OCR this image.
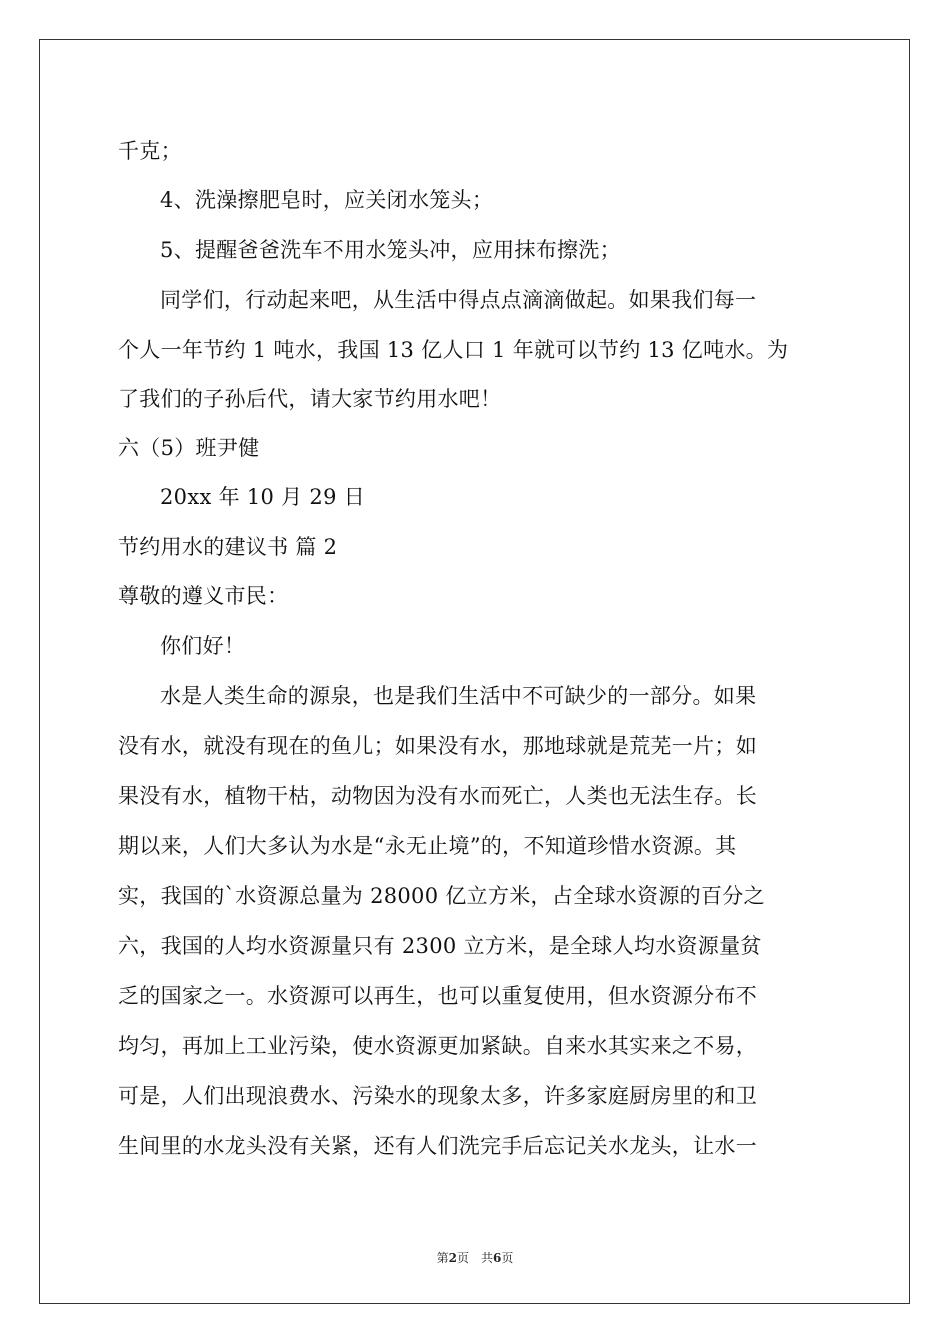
千克；
4、洗澡擦肥皂时，应关闭水笼头；
5、提醒爸爸洗车不用水笼头冲，应用抹布擦洗；
同学们，行动起来吧，从生活中得点点滴滴做起。如果我们每一
个人一年节约 1 吨水，我国 13 亿人口 1 年就可以节约 13 亿吨水。为
了我们的子孙后代，请大家节约用水吧！
六（5）班尹健
20xx 年 10 月 29 日
节约用水的建议书 篇 2
尊敬的遵义市民：
你们好！
水是人类生命的源泉，也是我们生活中不可缺少的一部分。如果
没有水，就没有现在的鱼儿；如果没有水，那地球就是荒芜一片；如
果没有水，植物干枯，动物因为没有水而死亡，人类也无法生存。长
期以来，人们大多认为水是“永无止境”的，不知道珍惜水资源。其
实，我国的`水资源总量为 28000 亿立方米，占全球水资源的百分之
六，我国的人均水资源量只有 2300 立方米，是全球人均水资源量贫
乏的国家之一。水资源可以再生，也可以重复使用，但水资源分布不
均匀，再加上工业污染，使水资源更加紧缺。自来水其实来之不易，
可是，人们出现浪费水、污染水的现象太多，许多家庭厨房里的和卫
生间里的水龙头没有关紧，还有人们洗完手后忘记关水龙头，让水一
第2页　共6页
